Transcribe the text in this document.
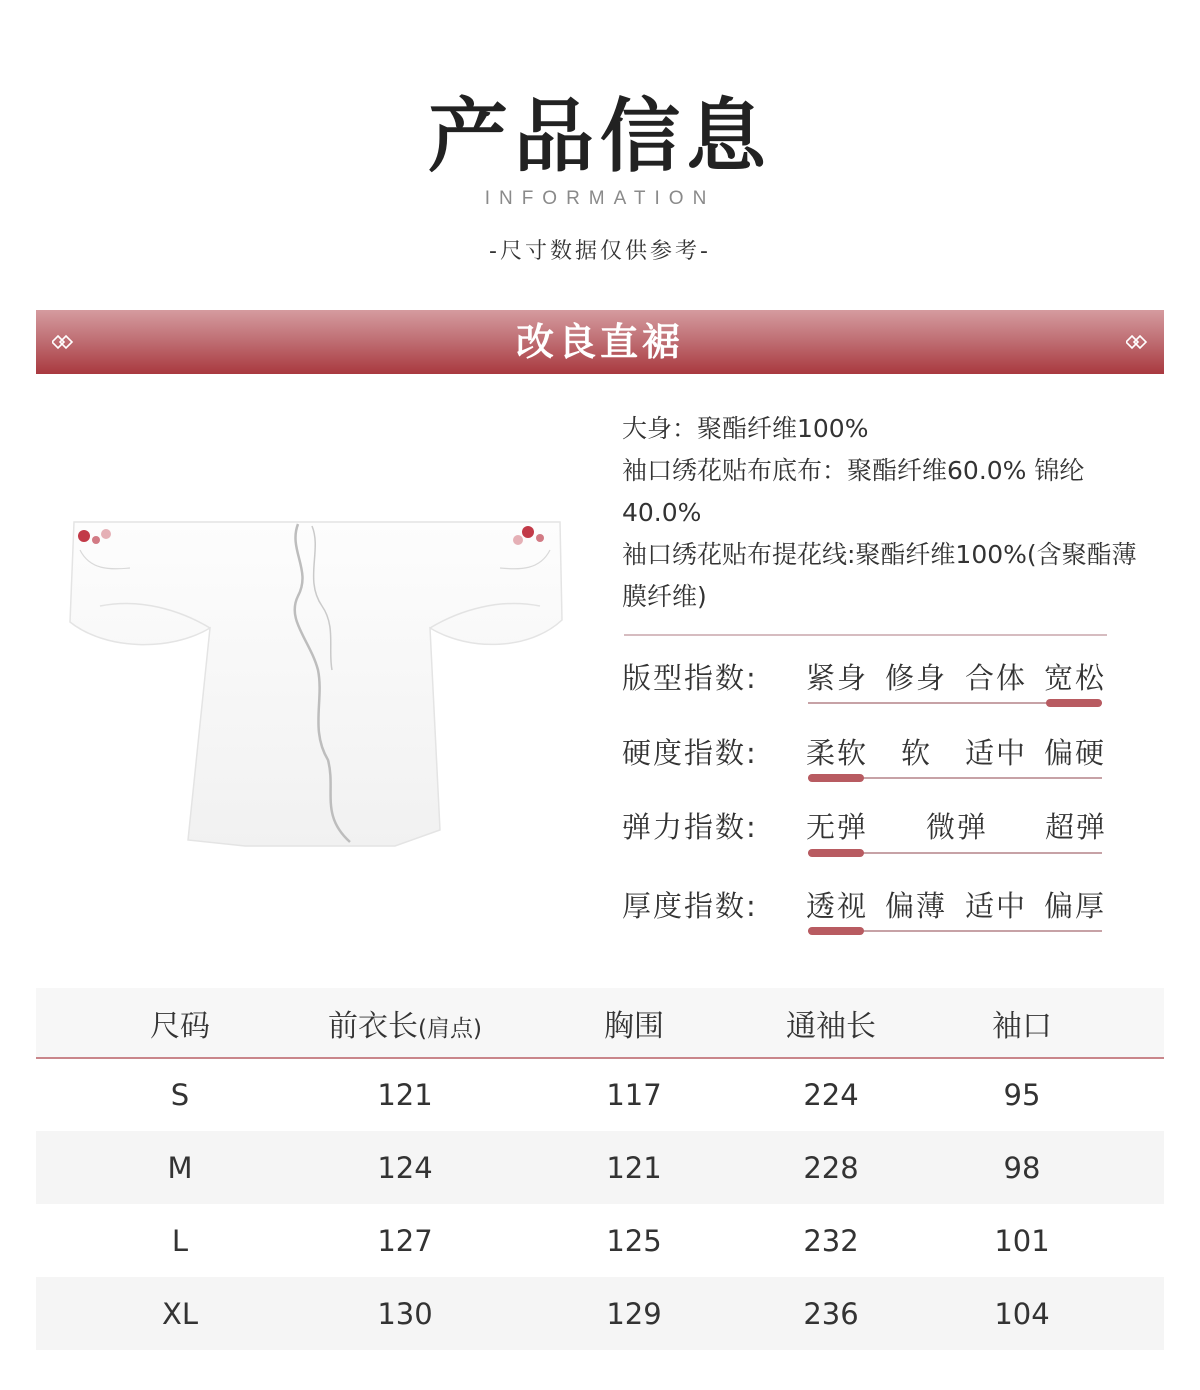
产品信息
INFORMATION
-尺寸数据仅供参考-
改良直裾

大身：聚酯纤维100%

袖口绣花贴布底布：聚酯纤维60.0% 锦纶40.0%

袖口绣花贴布提花线:聚酯纤维100%(含聚酯薄膜纤维)

版型指数: 紧身 修身 合体 宽松
硬度指数: 柔软 软 适中 偏硬
弹力指数: 无弹 微弹 超弹
厚度指数: 透视 偏薄 适中 偏厚
尺码	前衣长(肩点)	胸围	通袖长	袖口
S	121	117	224	95
M	124	121	228	98
L	127	125	232	101
XL	130	129	236	104
